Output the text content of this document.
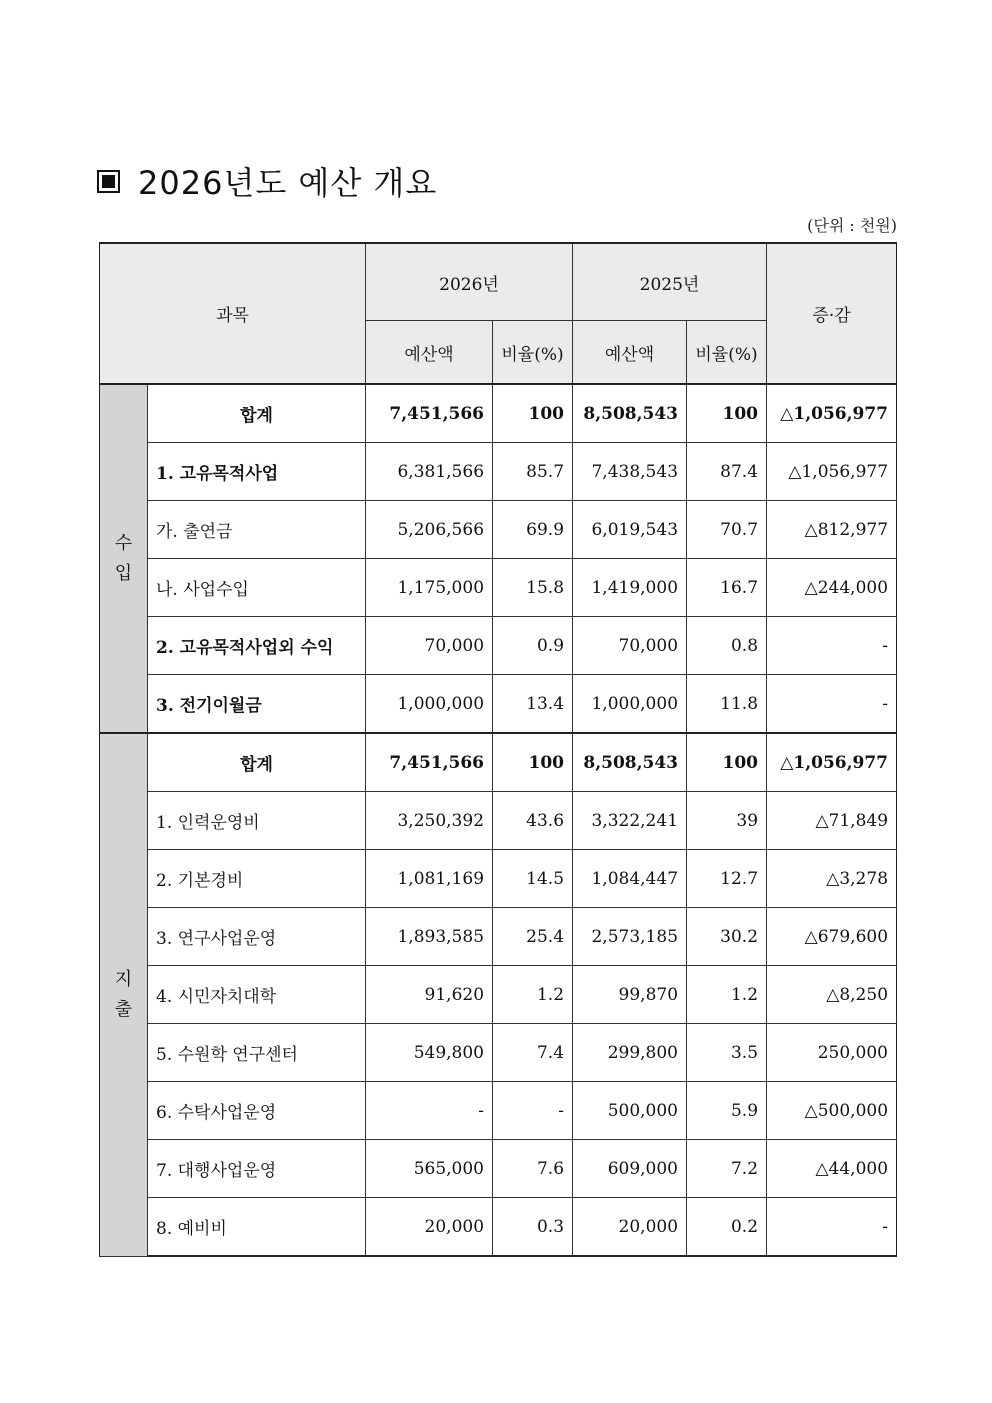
2026년도 예산 개요
(단위 : 천원)
과목		2026년		2025년		증·감
		예산액	비율(%)	예산액	비율(%)	
수입	합계	7,451,566	100	8,508,543	100	△1,056,977
	1. 고유목적사업	6,381,566	85.7	7,438,543	87.4	△1,056,977
	가. 출연금	5,206,566	69.9	6,019,543	70.7	△812,977
	나. 사업수입	1,175,000	15.8	1,419,000	16.7	△244,000
	2. 고유목적사업외 수익	70,000	0.9	70,000	0.8	-
	3. 전기이월금	1,000,000	13.4	1,000,000	11.8	-
지출	합계	7,451,566	100	8,508,543	100	△1,056,977
	1. 인력운영비	3,250,392	43.6	3,322,241	39	△71,849
	2. 기본경비	1,081,169	14.5	1,084,447	12.7	△3,278
	3. 연구사업운영	1,893,585	25.4	2,573,185	30.2	△679,600
	4. 시민자치대학	91,620	1.2	99,870	1.2	△8,250
	5. 수원학 연구센터	549,800	7.4	299,800	3.5	250,000
	6. 수탁사업운영	-	-	500,000	5.9	△500,000
	7. 대행사업운영	565,000	7.6	609,000	7.2	△44,000
	8. 예비비	20,000	0.3	20,000	0.2	-
